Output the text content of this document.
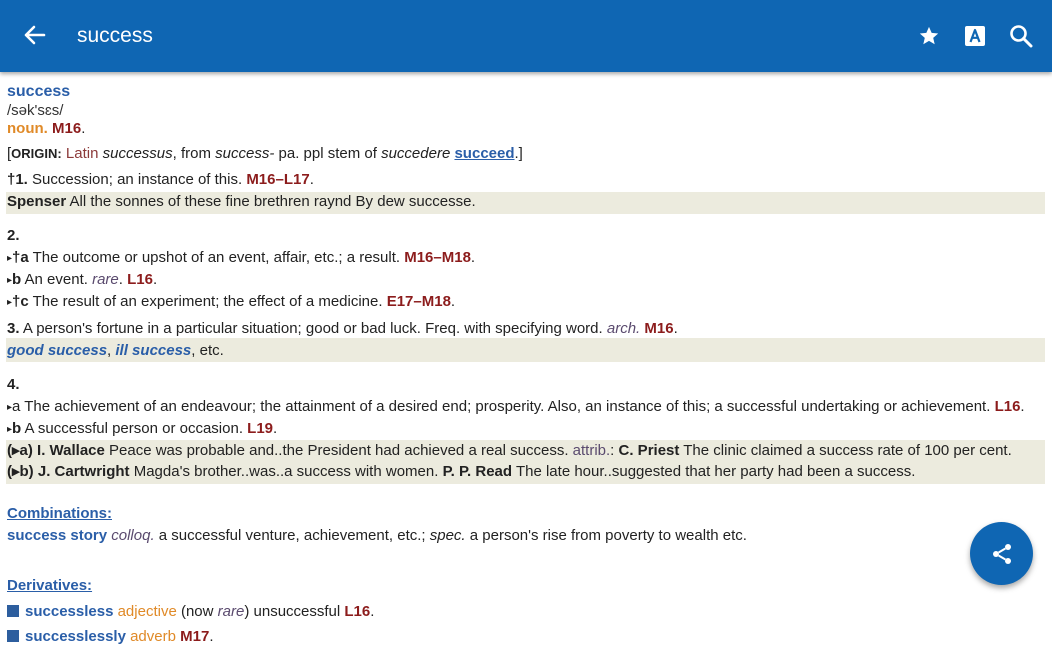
success
success
/sək'sɛs/
noun. M16.
[ORIGIN: Latin successus, from success- pa. ppl stem of succedere succeed.]
†1. Succession; an instance of this. M16–L17.
Spenser All the sonnes of these fine brethren raynd By dew successe.
2.
▸†a The outcome or upshot of an event, affair, etc.; a result. M16–M18.
▸b An event. rare. L16.
▸†c The result of an experiment; the effect of a medicine. E17–M18.
3. A person's fortune in a particular situation; good or bad luck. Freq. with specifying word. arch. M16.
good success, ill success, etc.
4.
▸a The achievement of an endeavour; the attainment of a desired end; prosperity. Also, an instance of this; a successful undertaking or achievement. L16.
▸b A successful person or occasion. L19.
(▸a) I. Wallace Peace was probable and..the President had achieved a real success. attrib.: C. Priest The clinic claimed a success rate of 100 per cent.
(▸b) J. Cartwright Magda's brother..was..a success with women. P. P. Read The late hour..suggested that her party had been a success.
Combinations:
success story colloq. a successful venture, achievement, etc.; spec. a person's rise from poverty to wealth etc.
Derivatives:
successless adjective (now rare) unsuccessful L16.
successlessly adverb M17.
